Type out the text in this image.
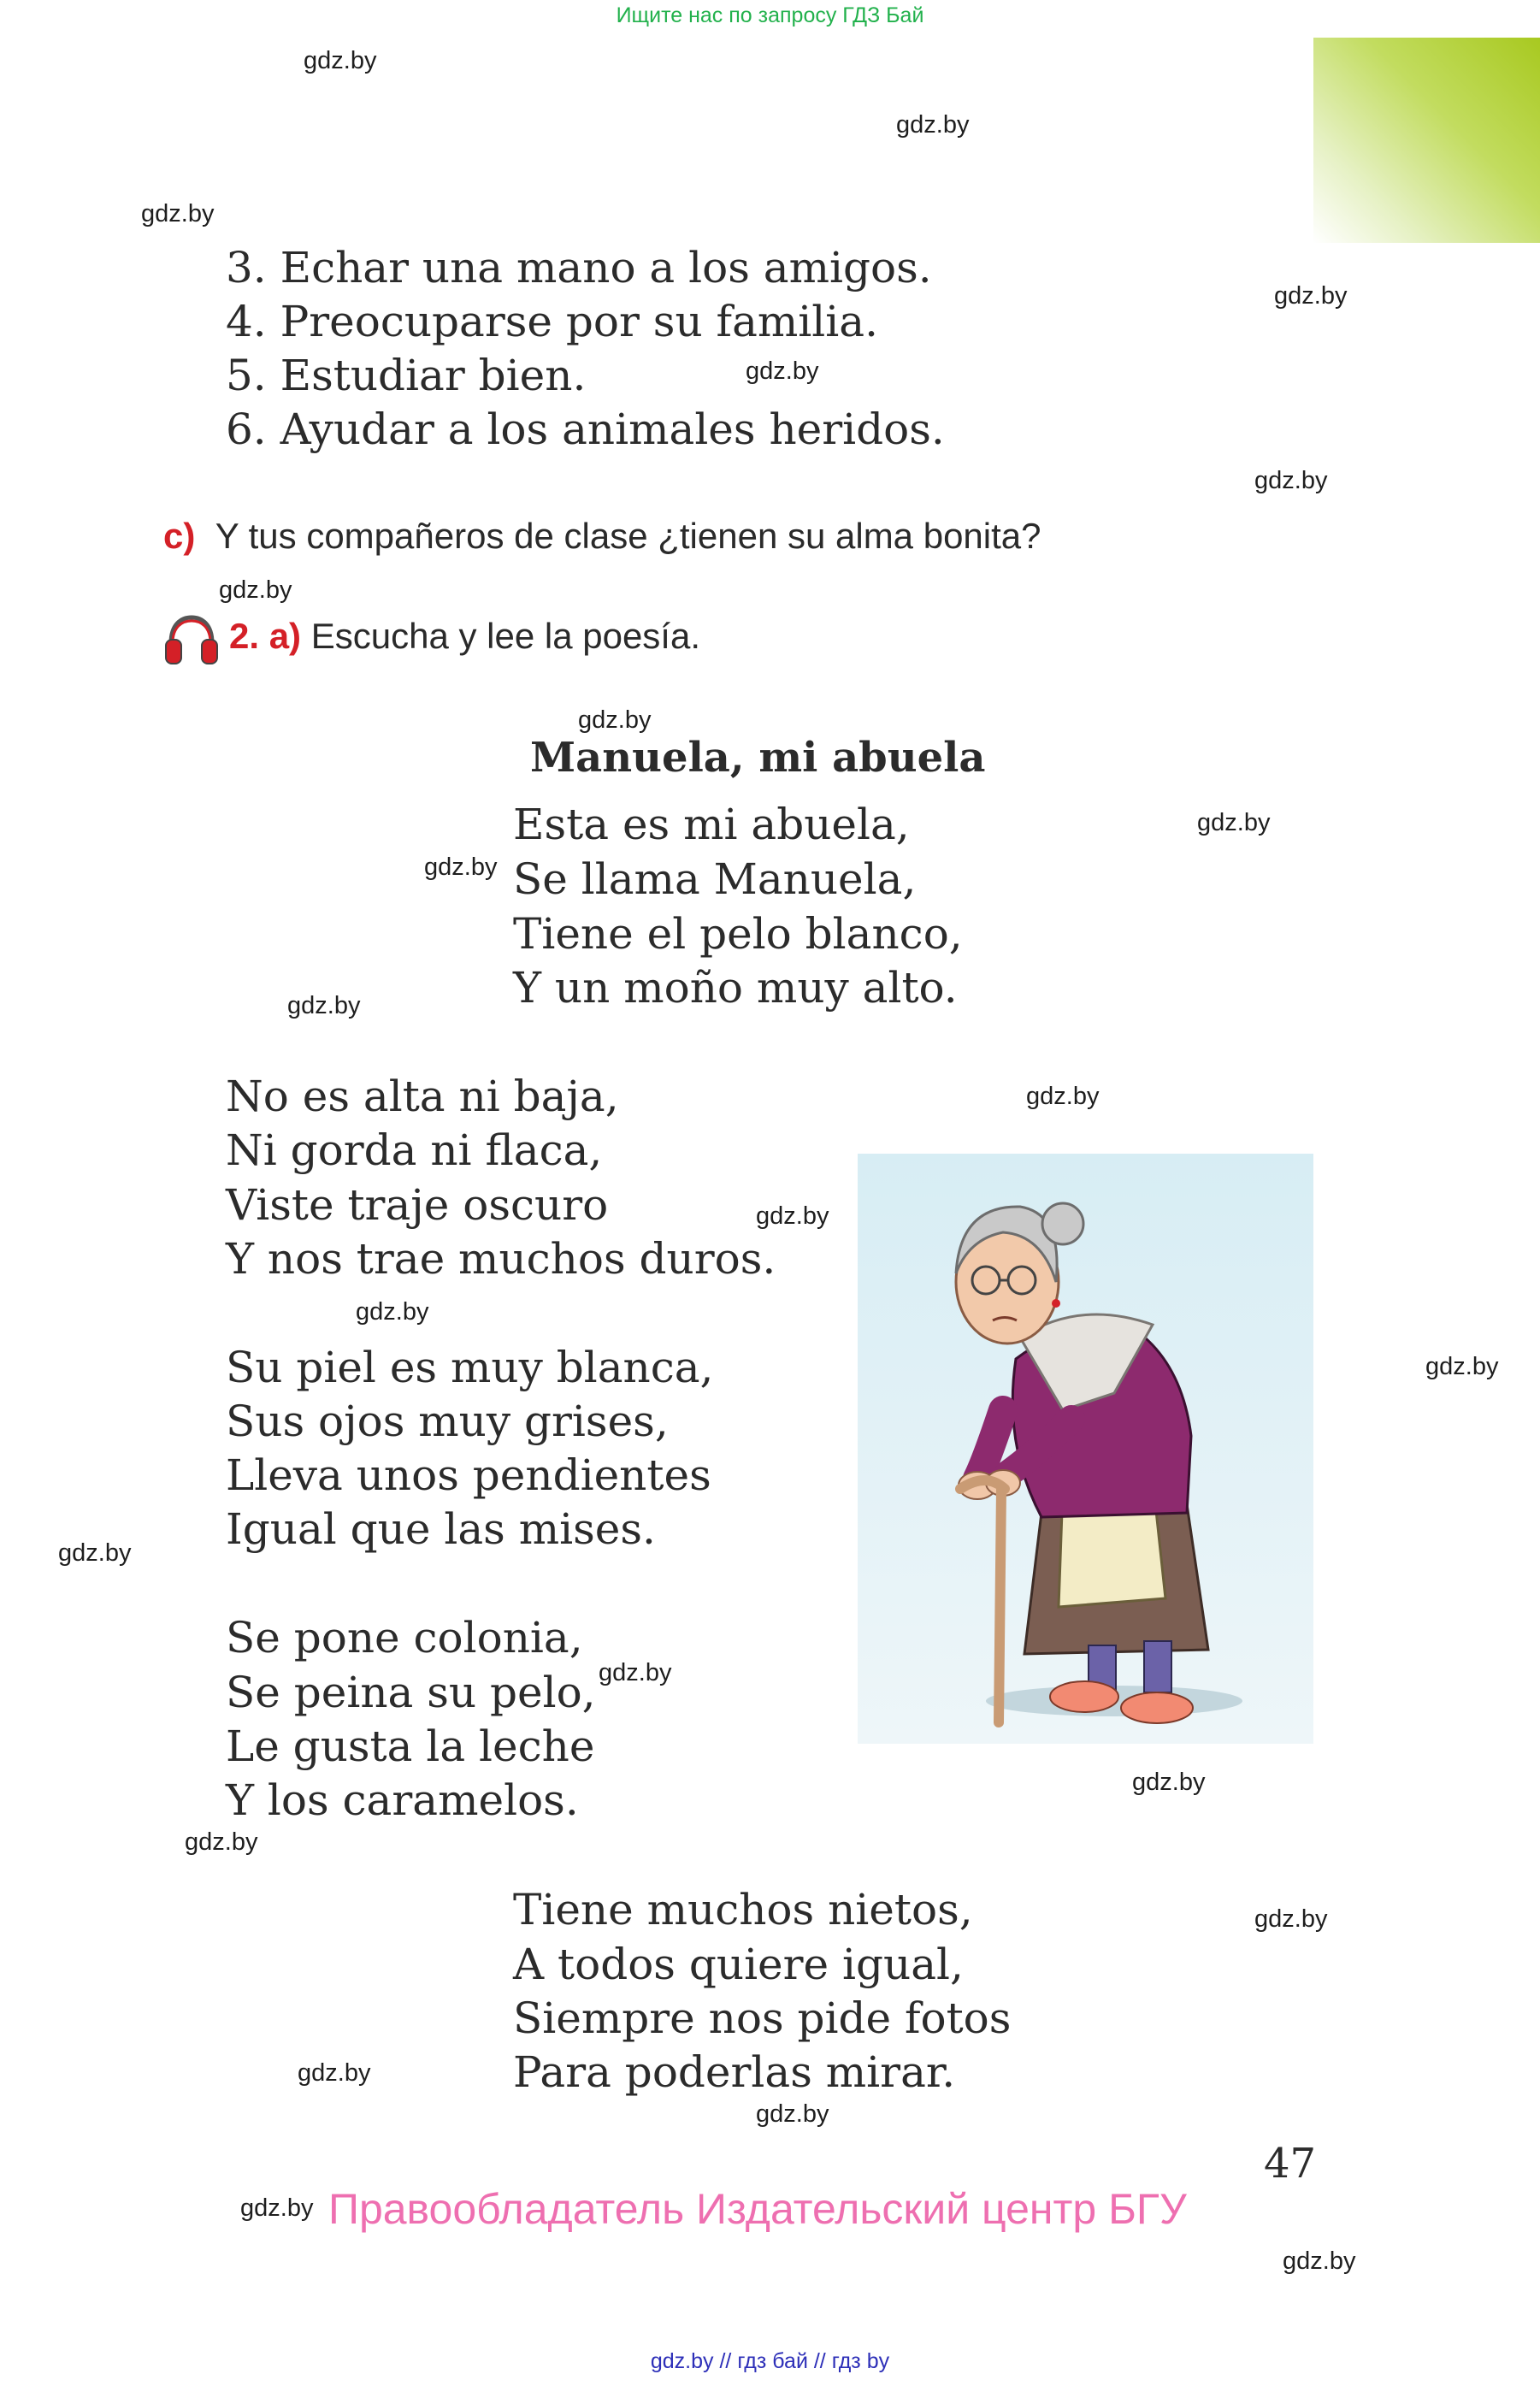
Ищите нас по запросу ГДЗ Бай
gdz.by
gdz.by
gdz.by
gdz.by
gdz.by
gdz.by
gdz.by
gdz.by
gdz.by
gdz.by
gdz.by
gdz.by
gdz.by
gdz.by
gdz.by
gdz.by
gdz.by
gdz.by
gdz.by
gdz.by
gdz.by
gdz.by
gdz.by
gdz.by
3. Echar una mano a los amigos.
4. Preocuparse por su familia.
5. Estudiar bien.
6. Ayudar a los animales heridos.
c) Y tus compañeros de clase ¿tienen su alma bonita?
2. a) Escucha y lee la poesía.
Manuela, mi abuela
Esta es mi abuela,
Se llama Manuela,
Tiene el pelo blanco,
Y un moño muy alto.
No es alta ni baja,
Ni gorda ni flaca,
Viste traje oscuro
Y nos trae muchos duros.
Su piel es muy blanca,
Sus ojos muy grises,
Lleva unos pendientes
Igual que las mises.
Se pone colonia,
Se peina su pelo,
Le gusta la leche
Y los caramelos.
Tiene muchos nietos,
A todos quiere igual,
Siempre nos pide fotos
Para poderlas mirar.
47
Правообладатель Издательский центр БГУ
gdz.by // гдз бай // гдз by
